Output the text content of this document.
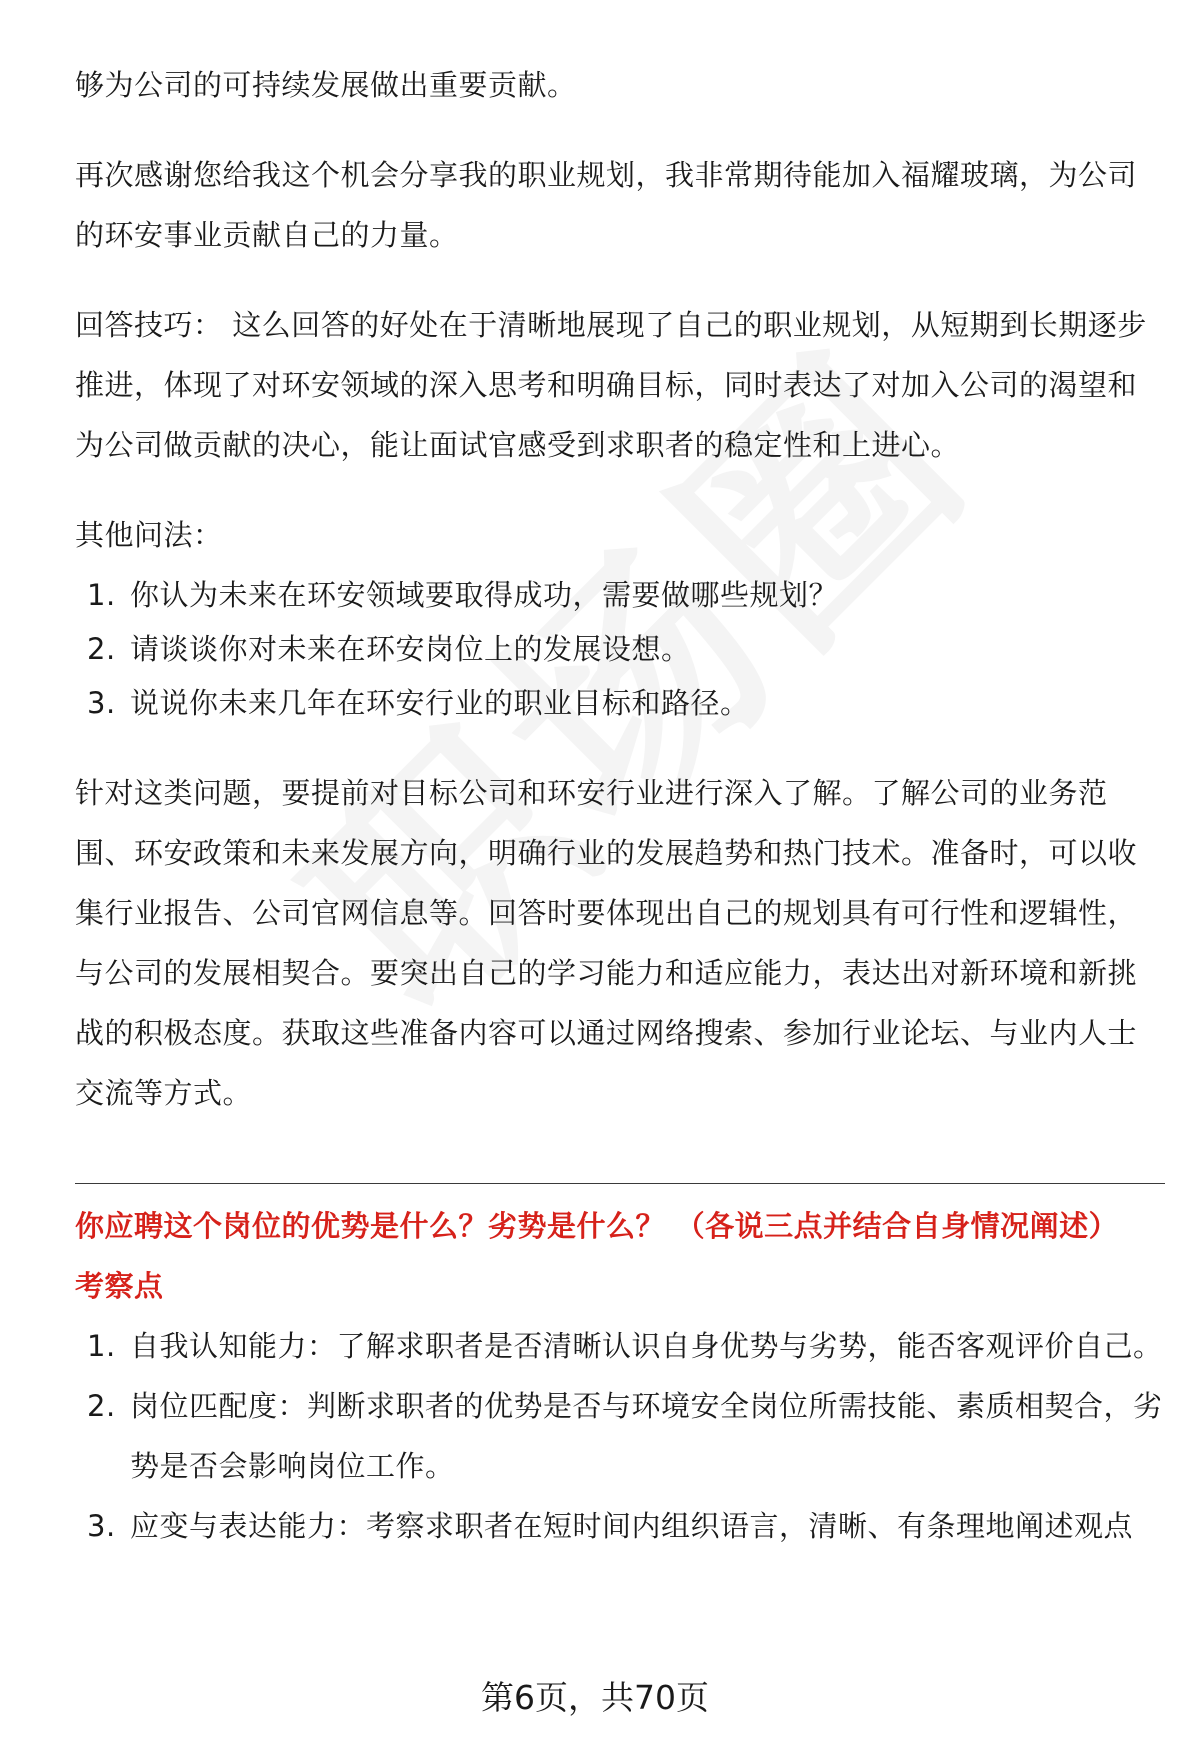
够为公司的可持续发展做出重要贡献。

再次感谢您给我这个机会分享我的职业规划，我非常期待能加入福耀玻璃，为公司的环安事业贡献自己的力量。

回答技巧： 这么回答的好处在于清晰地展现了自己的职业规划，从短期到长期逐步推进，体现了对环安领域的深入思考和明确目标，同时表达了对加入公司的渴望和为公司做贡献的决心，能让面试官感受到求职者的稳定性和上进心。

其他问法：

1. 你认为未来在环安领域要取得成功，需要做哪些规划？
2. 请谈谈你对未来在环安岗位上的发展设想。
3. 说说你未来几年在环安行业的职业目标和路径。

针对这类问题，要提前对目标公司和环安行业进行深入了解。了解公司的业务范围、环安政策和未来发展方向，明确行业的发展趋势和热门技术。准备时，可以收集行业报告、公司官网信息等。回答时要体现出自己的规划具有可行性和逻辑性，与公司的发展相契合。要突出自己的学习能力和适应能力，表达出对新环境和新挑战的积极态度。获取这些准备内容可以通过网络搜索、参加行业论坛、与业内人士交流等方式。

你应聘这个岗位的优势是什么？劣势是什么？ （各说三点并结合自身情况阐述）

考察点

1. 自我认知能力：了解求职者是否清晰认识自身优势与劣势，能否客观评价自己。
2. 岗位匹配度：判断求职者的优势是否与环境安全岗位所需技能、素质相契合，劣势是否会影响岗位工作。
3. 应变与表达能力：考察求职者在短时间内组织语言，清晰、有条理地阐述观点
第6页，共70页
